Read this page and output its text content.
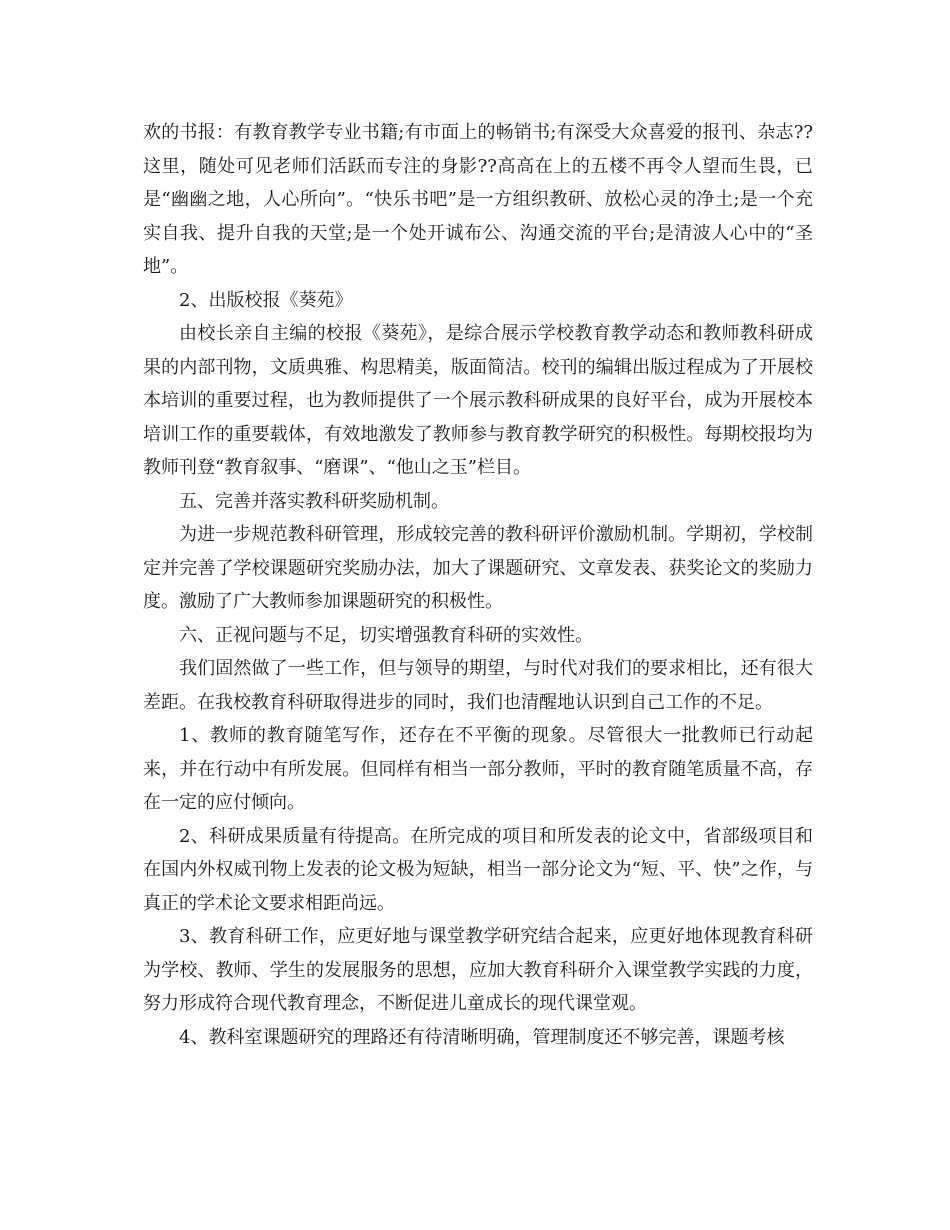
欢的书报：有教育教学专业书籍;有市面上的畅销书;有深受大众喜爱的报刊、杂志??这里，随处可见老师们活跃而专注的身影??高高在上的五楼不再令人望而生畏，已是“幽幽之地，人心所向”。“快乐书吧”是一方组织教研、放松心灵的净土;是一个充实自我、提升自我的天堂;是一个处开诚布公、沟通交流的平台;是清波人心中的“圣地”。

2、出版校报《葵苑》

由校长亲自主编的校报《葵苑》，是综合展示学校教育教学动态和教师教科研成果的内部刊物，文质典雅、构思精美，版面简洁。校刊的编辑出版过程成为了开展校本培训的重要过程，也为教师提供了一个展示教科研成果的良好平台，成为开展校本培训工作的重要载体，有效地激发了教师参与教育教学研究的积极性。每期校报均为教师刊登“教育叙事、“磨课”、“他山之玉”栏目。

五、完善并落实教科研奖励机制。

为进一步规范教科研管理，形成较完善的教科研评价激励机制。学期初，学校制定并完善了学校课题研究奖励办法，加大了课题研究、文章发表、获奖论文的奖励力度。激励了广大教师参加课题研究的积极性。

六、正视问题与不足，切实增强教育科研的实效性。

我们固然做了一些工作，但与领导的期望，与时代对我们的要求相比，还有很大差距。在我校教育科研取得进步的同时，我们也清醒地认识到自己工作的不足。

1、教师的教育随笔写作，还存在不平衡的现象。尽管很大一批教师已行动起来，并在行动中有所发展。但同样有相当一部分教师，平时的教育随笔质量不高，存在一定的应付倾向。

2、科研成果质量有待提高。在所完成的项目和所发表的论文中，省部级项目和在国内外权威刊物上发表的论文极为短缺，相当一部分论文为“短、平、快”之作，与真正的学术论文要求相距尚远。

3、教育科研工作，应更好地与课堂教学研究结合起来，应更好地体现教育科研为学校、教师、学生的发展服务的思想，应加大教育科研介入课堂教学实践的力度，努力形成符合现代教育理念，不断促进儿童成长的现代课堂观。

4、教科室课题研究的理路还有待清晰明确，管理制度还不够完善，课题考核
